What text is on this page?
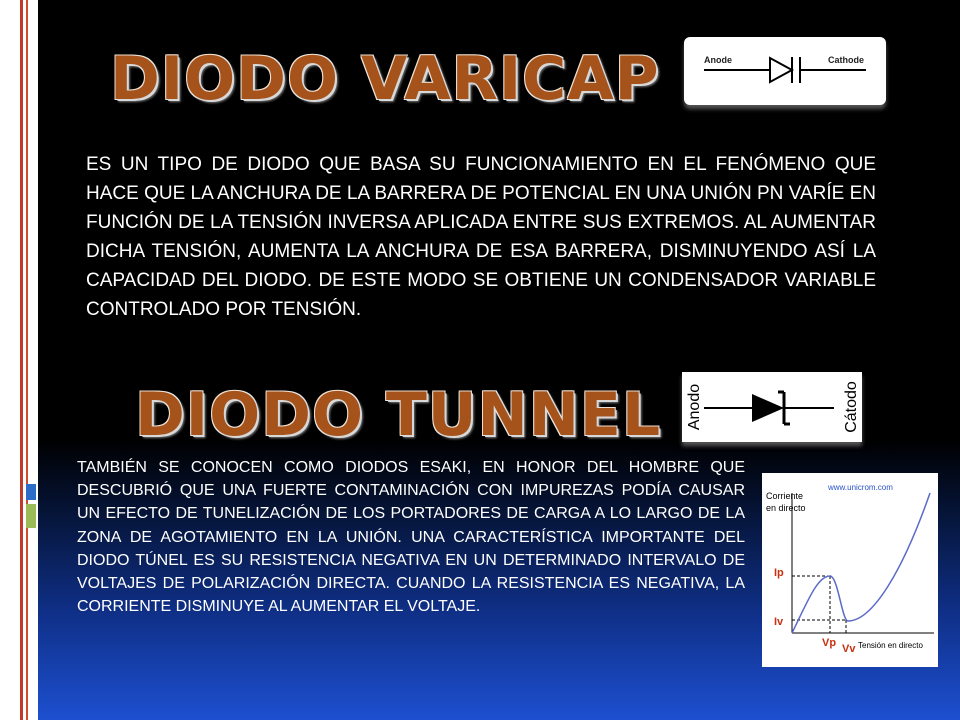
DIODO VARICAP	Anode	Cathode
ES UN TIPO DE DIODO QUE BASA SU FUNCIONAMIENTO EN EL FENÓMENO QUE HACE QUE LA ANCHURA DE LA BARRERA DE POTENCIAL EN UNA UNIÓN PN VARÍE EN FUNCIÓN DE LA TENSIÓN INVERSA APLICADA ENTRE SUS EXTREMOS. AL AUMENTAR DICHA TENSIÓN, AUMENTA LA ANCHURA DE ESA BARRERA, DISMINUYENDO ASÍ LA CAPACIDAD DEL DIODO. DE ESTE MODO SE OBTIENE UN CONDENSADOR VARIABLE CONTROLADO POR TENSIÓN.
DIODO TUNNEL Anodo	Cátodo
TAMBIÉN SE CONOCEN COMO DIODOS ESAKI, EN HONOR DEL HOMBRE QUE DESCUBRIÓ QUE UNA FUERTE CONTAMINACIÓN CON IMPUREZAS PODÍA CAUSAR UN EFECTO DE TUNELIZACIÓN DE LOS PORTADORES DE CARGA A LO LARGO DE LA ZONA DE AGOTAMIENTO EN LA UNIÓN. UNA CARACTERÍSTICA IMPORTANTE DEL DIODO TÚNEL ES SU RESISTENCIA NEGATIVA EN UN DETERMINADO INTERVALO DE VOLTAJES DE POLARIZACIÓN DIRECTA. CUANDO LA RESISTENCIA ES NEGATIVA, LA CORRIENTE DISMINUYE AL AUMENTAR EL VOLTAJE.
www.unicrom.com
Corriente
en directo
Ip
Iv
Vp Vv Tensión en directo
